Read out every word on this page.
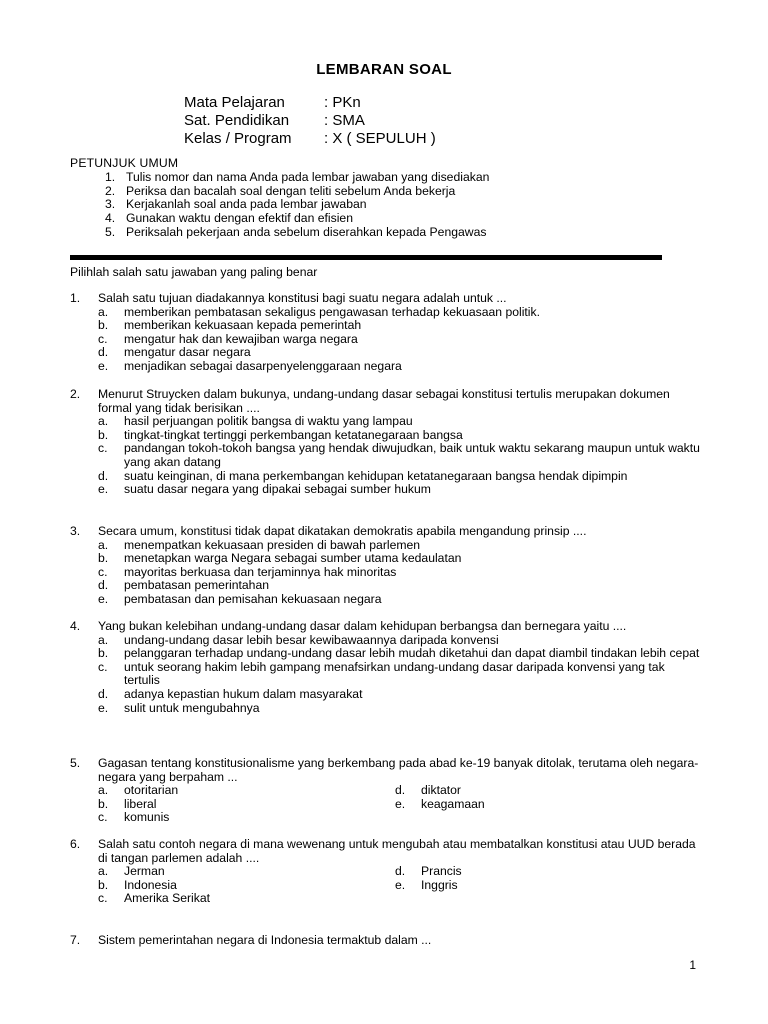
LEMBARAN SOAL
Mata Pelajaran	: PKn
Sat. Pendidikan	: SMA
Kelas / Program	: X ( SEPULUH )
PETUNJUK UMUM
1. Tulis nomor dan nama Anda pada lembar jawaban yang disediakan
2. Periksa dan bacalah soal dengan teliti sebelum Anda bekerja
3. Kerjakanlah soal anda pada lembar jawaban
4. Gunakan waktu dengan efektif dan efisien
5. Periksalah pekerjaan anda sebelum diserahkan kepada Pengawas
Pilihlah salah satu jawaban yang paling benar
1.	Salah satu tujuan diadakannya konstitusi bagi suatu negara adalah untuk ...
a.	memberikan pembatasan sekaligus pengawasan terhadap kekuasaan politik.
b.	memberikan kekuasaan kepada pemerintah
c.	mengatur hak dan kewajiban warga negara
d.	mengatur dasar negara
e.	menjadikan sebagai dasarpenyelenggaraan negara
2.	Menurut Struycken dalam bukunya, undang-undang dasar sebagai konstitusi tertulis merupakan dokumen formal yang tidak berisikan ....
a.	hasil perjuangan politik bangsa di waktu yang lampau
b.	tingkat-tingkat tertinggi perkembangan ketatanegaraan bangsa
c.	pandangan tokoh-tokoh bangsa yang hendak diwujudkan, baik untuk waktu sekarang maupun untuk waktu yang akan datang
d.	suatu keinginan, di mana perkembangan kehidupan ketatanegaraan bangsa hendak dipimpin
e.	suatu dasar negara yang dipakai sebagai sumber hukum
3.	Secara umum, konstitusi tidak dapat dikatakan demokratis apabila mengandung prinsip ....
a.	menempatkan kekuasaan presiden di bawah parlemen
b.	menetapkan warga Negara sebagai sumber utama kedaulatan
c.	mayoritas berkuasa dan terjaminnya hak minoritas
d.	pembatasan pemerintahan
e.	pembatasan dan pemisahan kekuasaan negara
4.	Yang bukan kelebihan undang-undang dasar dalam kehidupan berbangsa dan bernegara yaitu ....
a.	undang-undang dasar lebih besar kewibawaannya daripada konvensi
b.	pelanggaran terhadap undang-undang dasar lebih mudah diketahui dan dapat diambil tindakan lebih cepat
c.	untuk seorang hakim lebih gampang menafsirkan undang-undang dasar daripada konvensi yang tak tertulis
d.	adanya kepastian hukum dalam masyarakat
e.	sulit untuk mengubahnya
5.	Gagasan tentang konstitusionalisme yang berkembang pada abad ke-19 banyak ditolak, terutama oleh negara-negara yang berpaham ...
a.	otoritarian	d.	diktator
b.	liberal	e.	keagamaan
c.	komunis
6.	Salah satu contoh negara di mana wewenang untuk mengubah atau membatalkan konstitusi atau UUD berada di tangan parlemen adalah ....
a.	Jerman	d.	Prancis
b.	Indonesia	e.	Inggris
c.	Amerika Serikat
7.	Sistem pemerintahan negara di Indonesia termaktub dalam ...
1
